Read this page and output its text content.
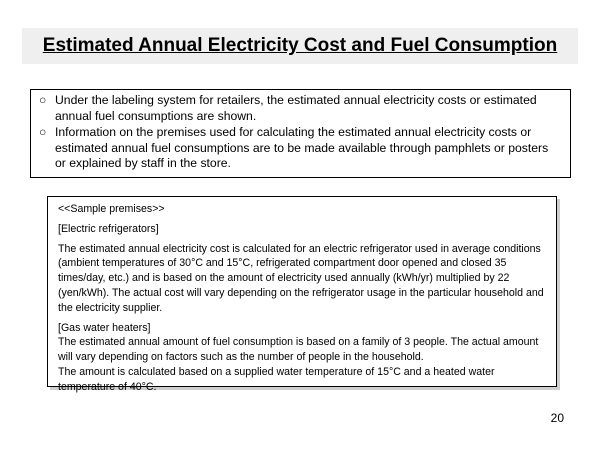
Estimated Annual Electricity Cost and Fuel Consumption
○ Under the labeling system for retailers, the estimated annual electricity costs or estimated annual fuel consumptions are shown.
○ Information on the premises used for calculating the estimated annual electricity costs or estimated annual fuel consumptions are to be made available through pamphlets or posters or explained by staff in the store.

<<Sample premises>>

[Electric refrigerators]

The estimated annual electricity cost is calculated for an electric refrigerator used in average conditions (ambient temperatures of 30°C and 15°C, refrigerated compartment door opened and closed 35 times/day, etc.) and is based on the amount of electricity used annually (kWh/yr) multiplied by 22 (yen/kWh). The actual cost will vary depending on the refrigerator usage in the particular household and the electricity supplier.

[Gas water heaters]

The estimated annual amount of fuel consumption is based on a family of 3 people. The actual amount will vary depending on factors such as the number of people in the household.

The amount is calculated based on a supplied water temperature of 15°C and a heated water temperature of 40°C.

20
